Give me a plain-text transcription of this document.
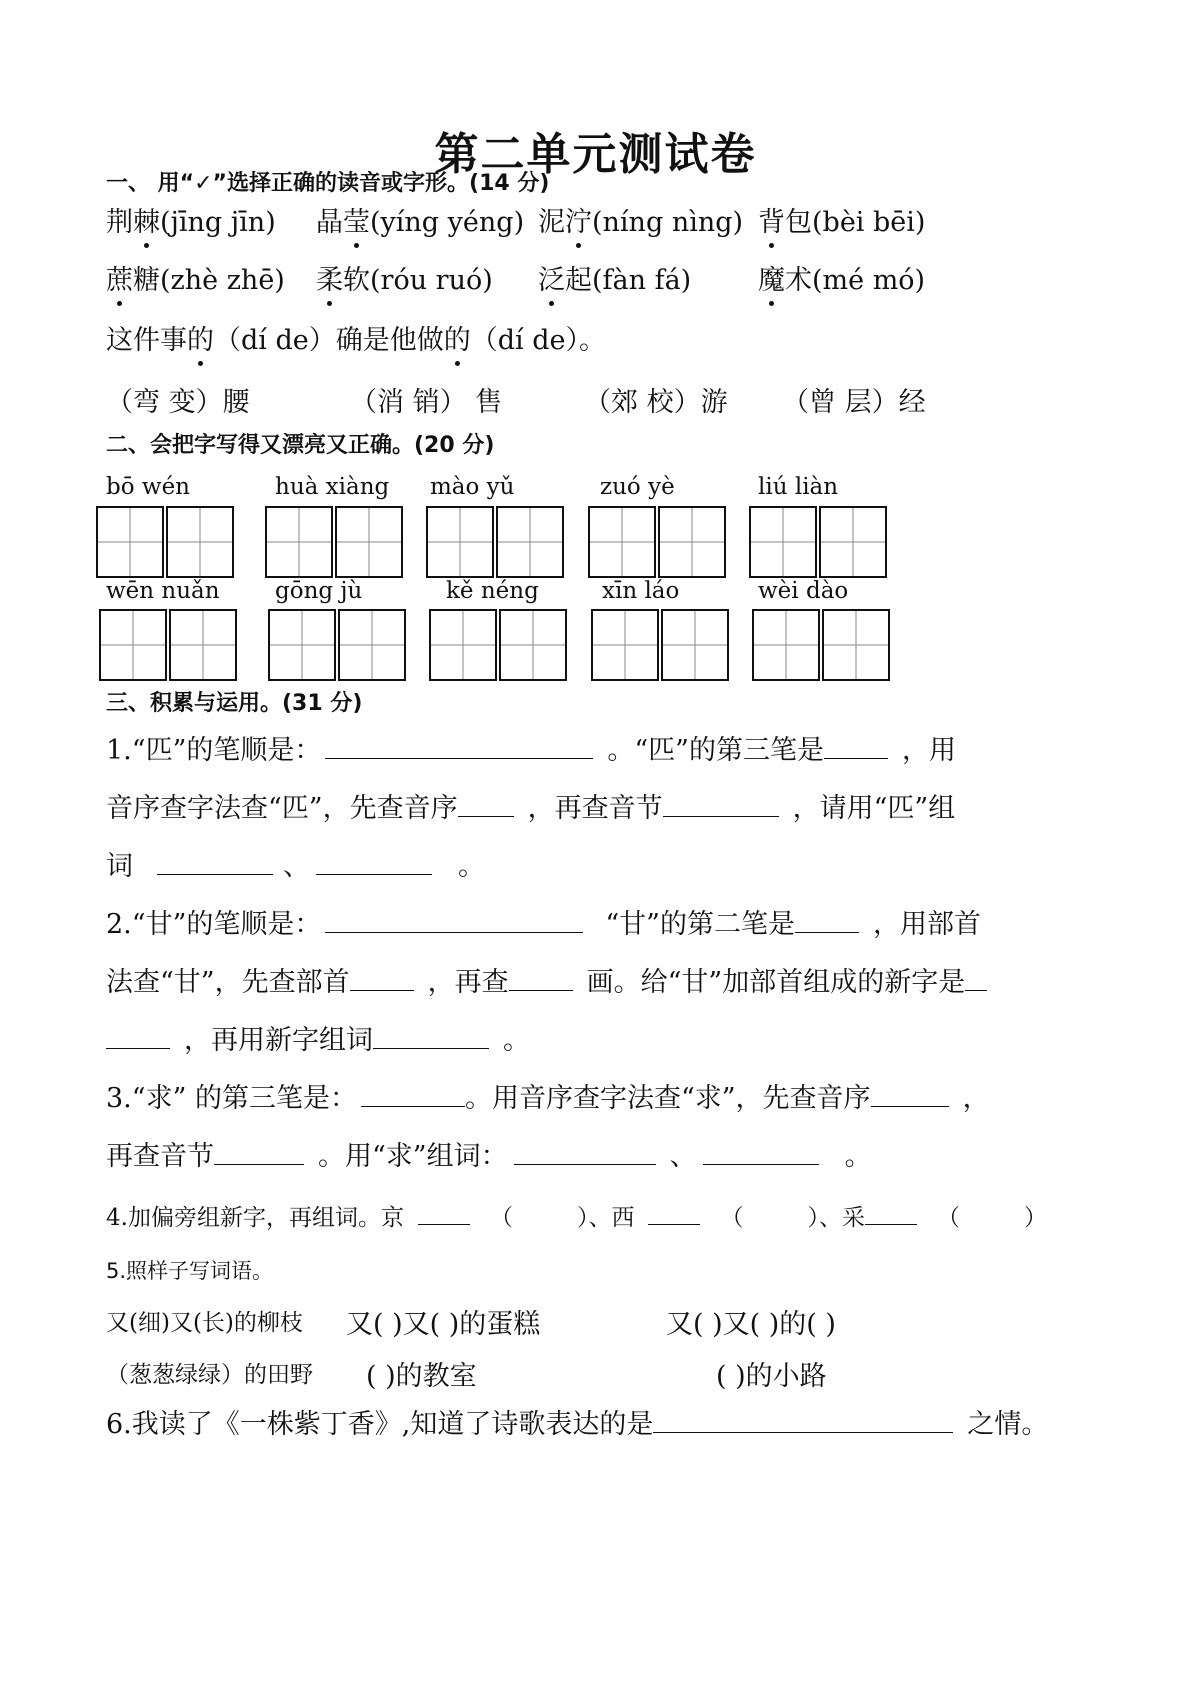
第二单元测试卷
一、 用“✓”选择正确的读音或字形。(14 分)
荆棘(jīng jīn) 晶莹(yíng yéng) 泥泞(níng nìng) 背包(bèi bēi)
蔗糖(zhè zhē) 柔软(róu ruó) 泛起(fàn fá) 魔术(mé mó)
这件事的（dí de）确是他做的（dí de）。
（弯 变）腰	（消 销） 售	（郊 校）游 （曾 层）经
二、会把字写得又漂亮又正确。(20 分)
bō wén	huà xiàng mào yǔ	zuó yè	liú liàn
wēn nuǎn gōng jù	kě néng	xīn láo	wèi dào
三、积累与运用。(31 分)
1.“匹”的笔顺是：	。“匹”的第三笔是	，用
音序查字法查“匹”，先查音序	，再查音节	，请用“匹”组
词	、	。
2.“甘”的笔顺是：	“甘”的第二笔是	，用部首
法查“甘”，先查部首	，再查	画。给“甘”加部首组成的新字是
，再用新字组词	。
3.“求” 的第三笔是：	。用音序查字法查“求”，先查音序	，
再查音节	。用“求”组词：	、	。
4.加偏旁组新字，再组词。京	（	）、西	（	）、采	（	）
5.照样子写词语。
又(细)又(长)的柳枝 又( )又( )的蛋糕	又( )又( )的( )
（葱葱绿绿）的田野 ( )的教室	( )的小路
6.我读了《一株紫丁香》,知道了诗歌表达的是	之情。
